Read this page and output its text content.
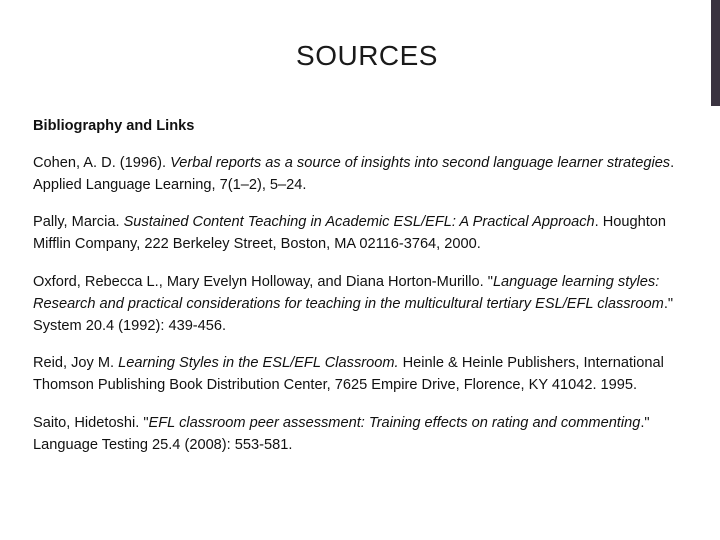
SOURCES

Bibliography and Links

Cohen, A. D. (1996). Verbal reports as a source of insights into second language learner strategies. Applied Language Learning, 7(1–2), 5–24.

Pally, Marcia. Sustained Content Teaching in Academic ESL/EFL: A Practical Approach. Houghton Mifflin Company, 222 Berkeley Street, Boston, MA 02116-3764, 2000.

Oxford, Rebecca L., Mary Evelyn Holloway, and Diana Horton-Murillo. "Language learning styles: Research and practical considerations for teaching in the multicultural tertiary ESL/EFL classroom." System 20.4 (1992): 439-456.

Reid, Joy M. Learning Styles in the ESL/EFL Classroom. Heinle & Heinle Publishers, International Thomson Publishing Book Distribution Center, 7625 Empire Drive, Florence, KY 41042. 1995.

Saito, Hidetoshi. "EFL classroom peer assessment: Training effects on rating and commenting." Language Testing 25.4 (2008): 553-581.
